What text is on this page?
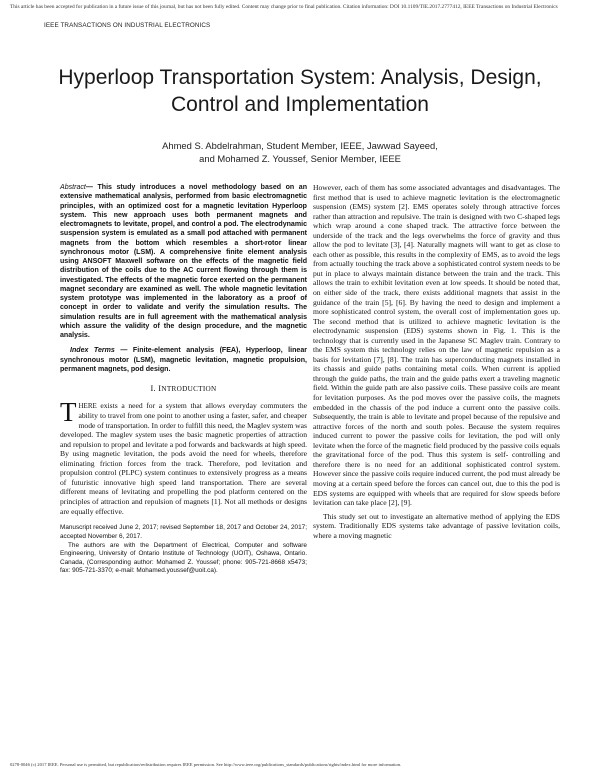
This article has been accepted for publication in a future issue of this journal, but has not been fully edited. Content may change prior to final publication. Citation information: DOI 10.1109/TIE.2017.2777412, IEEE Transactions on Industrial Electronics
IEEE TRANSACTIONS ON INDUSTRIAL ELECTRONICS
Hyperloop Transportation System: Analysis, Design, Control and Implementation
Ahmed S. Abdelrahman, Student Member, IEEE, Jawwad Sayeed,
and Mohamed Z. Youssef, Senior Member, IEEE

Abstract— This study introduces a novel methodology based on an extensive mathematical analysis, performed from basic electromagnetic principles, with an optimized cost for a magnetic levitation Hyperloop system. This new approach uses both permanent magnets and electromagnets to levitate, propel, and control a pod. The electrodynamic suspension system is emulated as a small pod attached with permanent magnets from the bottom which resembles a short-rotor linear synchronous motor (LSM). A comprehensive finite element analysis using ANSOFT Maxwell software on the effects of the magnetic field distribution of the coils due to the AC current flowing through them is investigated. The effects of the magnetic force exerted on the permanent magnet secondary are examined as well. The whole magnetic levitation system prototype was implemented in the laboratory as a proof of concept in order to validate and verify the simulation results. The simulation results are in full agreement with the mathematical analysis which assure the validity of the design procedure, and the magnetic analysis.

Index Terms — Finite-element analysis (FEA), Hyperloop, linear synchronous motor (LSM), magnetic levitation, magnetic propulsion, permanent magnets, pod design.

I. INTRODUCTION

THERE exists a need for a system that allows everyday commuters the ability to travel from one point to another using a faster, safer, and cheaper mode of transportation. In order to fulfill this need, the Maglev system was developed. The maglev system uses the basic magnetic properties of attraction and repulsion to propel and levitate a pod forwards and backwards at high speed. By using magnetic levitation, the pods avoid the need for wheels, therefore eliminating friction forces from the track. Therefore, pod levitation and propulsion control (PLPC) system continues to extensively progress as a means of futuristic innovative high speed land transportation. There are several different means of levitating and propelling the pod platform centered on the principles of attraction and repulsion of magnets [1]. Not all methods or designs are equally effective.

Manuscript received June 2, 2017; revised September 18, 2017 and October 24, 2017; accepted November 6, 2017.

The authors are with the Department of Electrical, Computer and software Engineering, University of Ontario Institute of Technology (UOIT), Oshawa, Ontario. Canada, (Corresponding author: Mohamed Z. Youssef; phone: 905-721-8668 x5473; fax: 905-721-3370; e-mail: Mohamed.youssef@uoit.ca).

However, each of them has some associated advantages and disadvantages. The first method that is used to achieve magnetic levitation is the electromagnetic suspension (EMS) system [2]. EMS operates solely through attractive forces rather than attraction and repulsive. The train is designed with two C-shaped legs which wrap around a cone shaped track. The attractive force between the underside of the track and the legs overwhelms the force of gravity and thus allow the pod to levitate [3], [4]. Naturally magnets will want to get as close to each other as possible, this results in the complexity of EMS, as to avoid the legs from actually touching the track above a sophisticated control system needs to be put in place to always maintain distance between the train and the track. This allows the train to exhibit levitation even at low speeds. It should be noted that, on either side of the track, there exists additional magnets that assist in the guidance of the train [5], [6]. By having the need to design and implement a more sophisticated control system, the overall cost of implementation goes up. The second method that is utilized to achieve magnetic levitation is the electrodynamic suspension (EDS) systems shown in Fig. 1. This is the technology that is currently used in the Japanese SC Maglev train. Contrary to the EMS system this technology relies on the law of magnetic repulsion as a basis for levitation [7], [8]. The train has superconducting magnets installed in its chassis and guide paths containing metal coils. When current is applied through the guide paths, the train and the guide paths exert a traveling magnetic field. Within the guide path are also passive coils. These passive coils are meant for levitation purposes. As the pod moves over the passive coils, the magnets embedded in the chassis of the pod induce a current onto the passive coils. Subsequently, the train is able to levitate and propel because of the repulsive and attractive forces of the north and south poles. Because the system requires induced current to power the passive coils for levitation, the pod will only levitate when the force of the magnetic field produced by the passive coils equals the gravitational force of the pod. Thus this system is self- controlling and therefore there is no need for an additional sophisticated control system. However since the passive coils require induced current, the pod must already be moving at a certain speed before the forces can cancel out, due to this the pod is EDS systems are equipped with wheels that are required for slow speeds before levitation can take place [2], [9].

This study set out to investigate an alternative method of applying the EDS system. Traditionally EDS systems take advantage of passive levitation coils, where a moving magnetic

0278-0046 (c) 2017 IEEE. Personal use is permitted, but republication/redistribution requires IEEE permission. See http://www.ieee.org/publications_standards/publications/rights/index.html for more information.
